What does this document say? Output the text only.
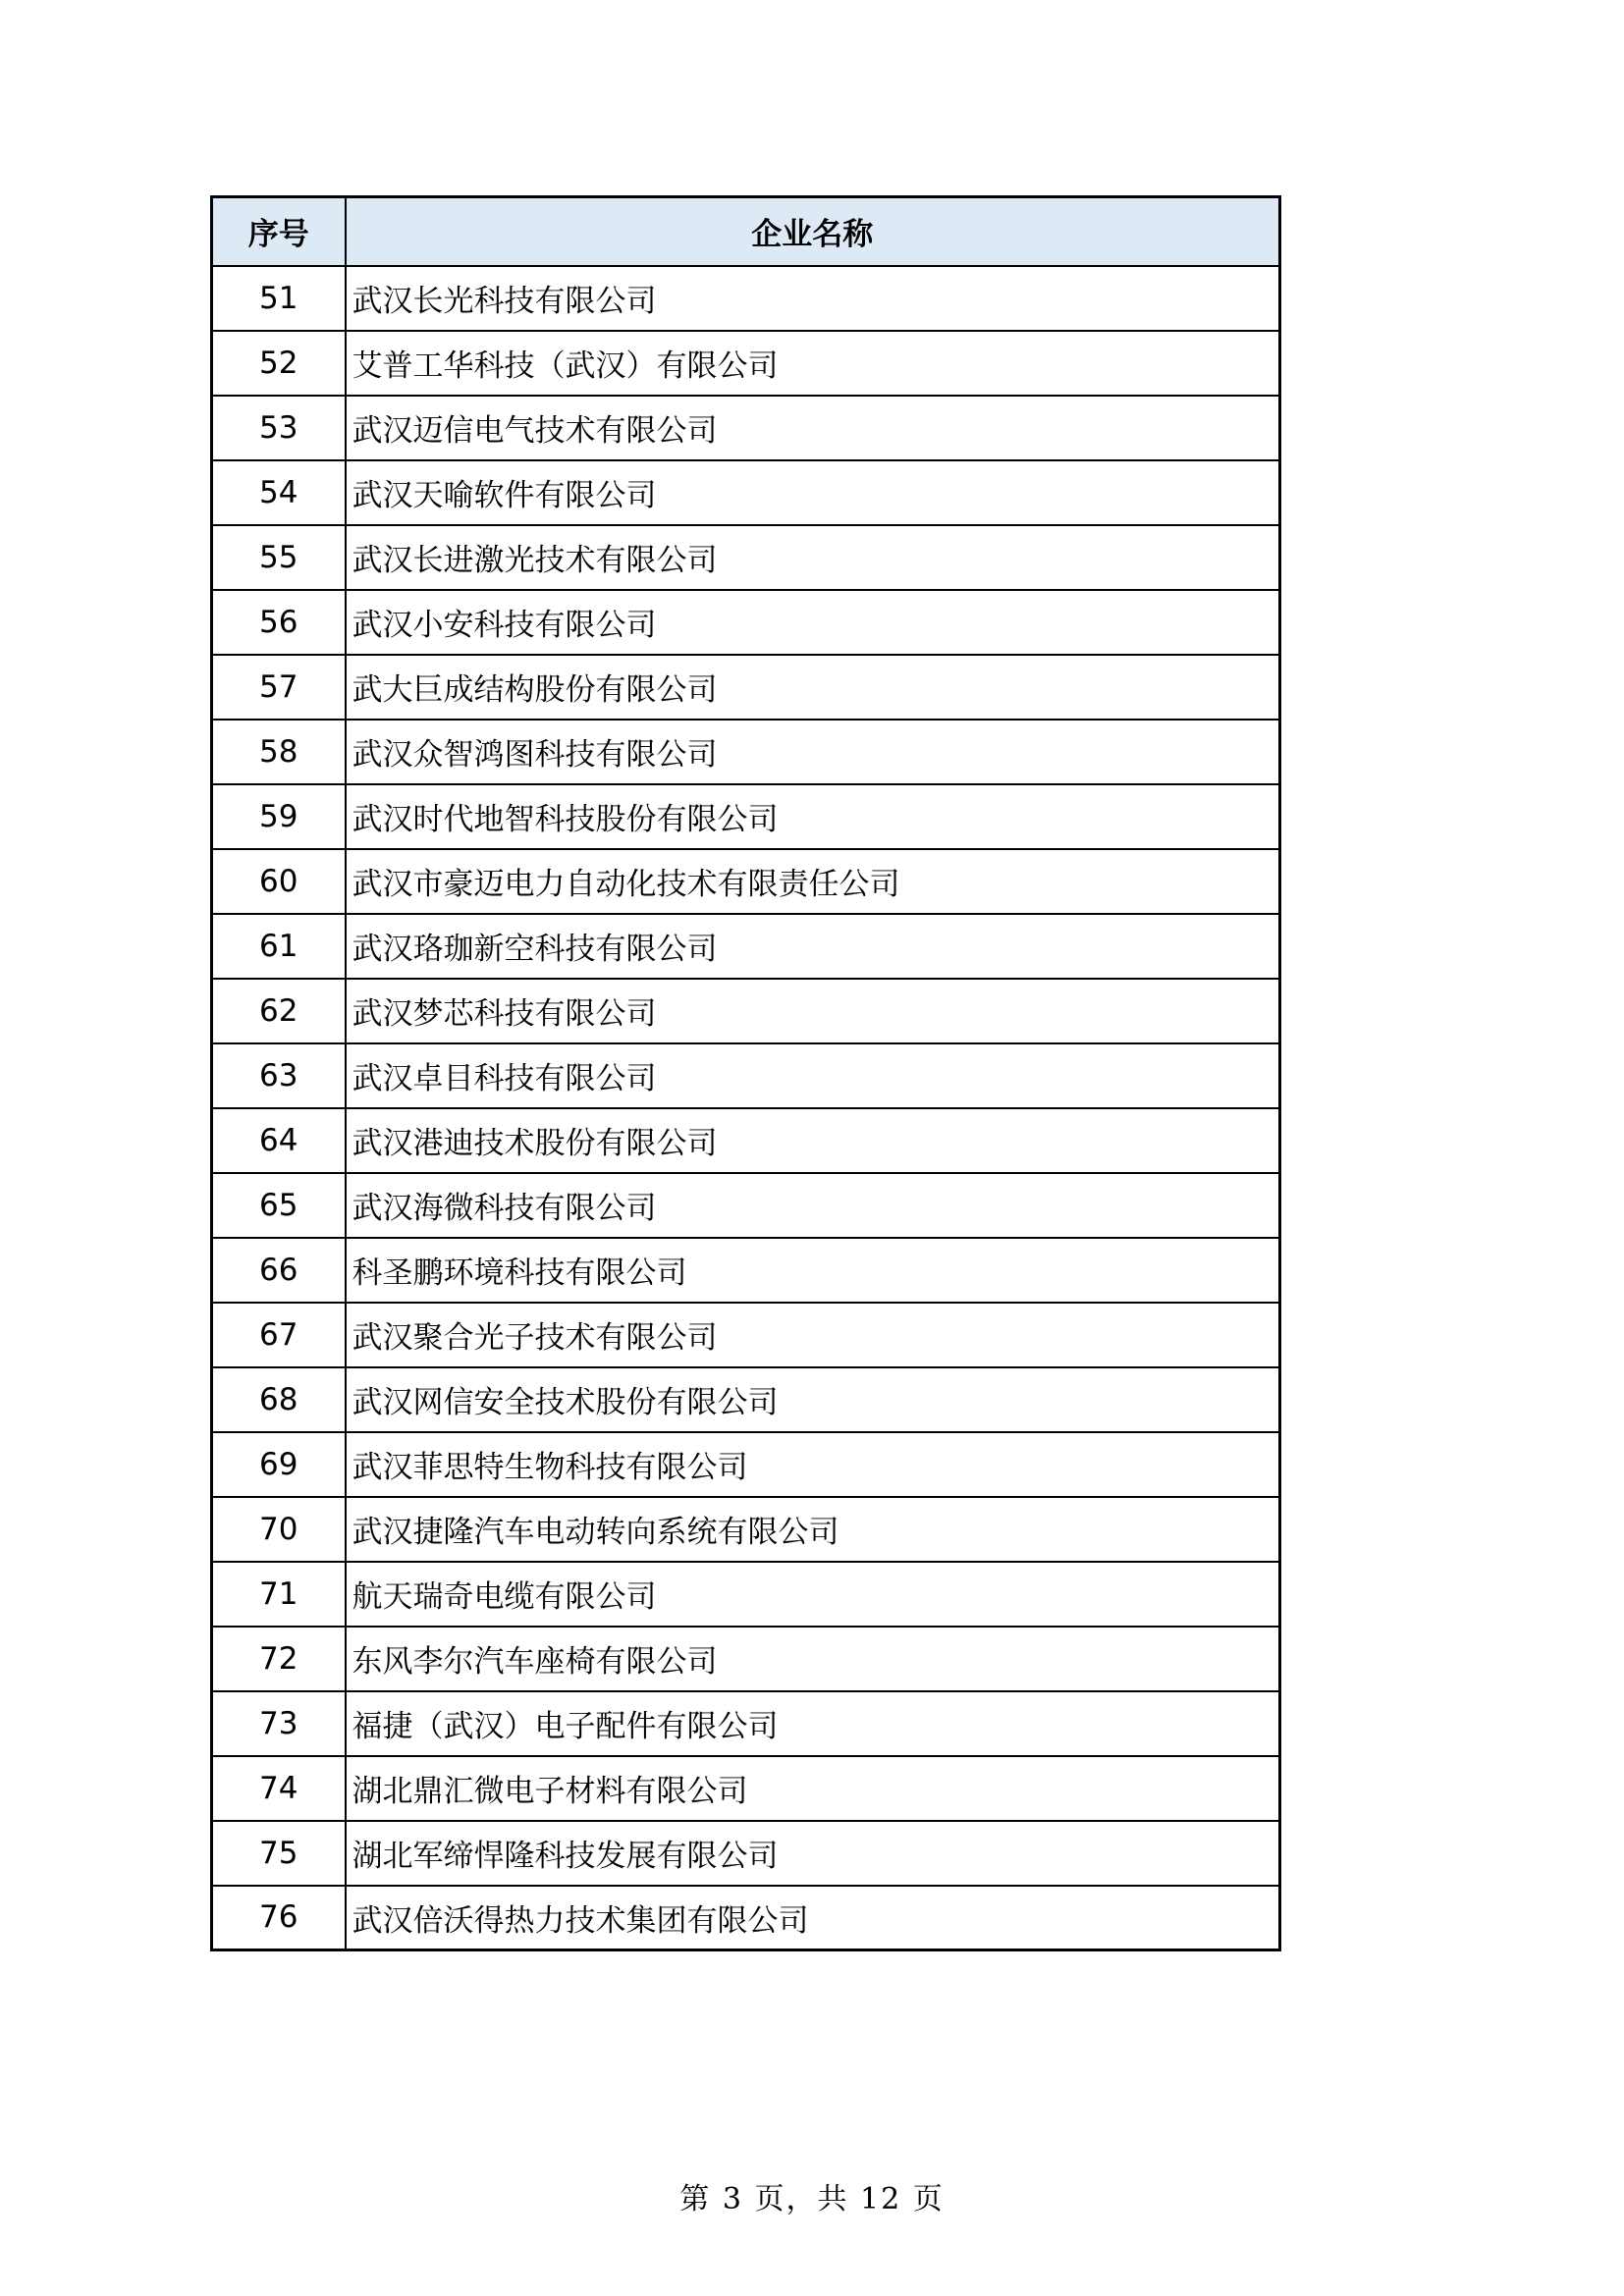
序号	企业名称
51	武汉长光科技有限公司
52	艾普工华科技（武汉）有限公司
53	武汉迈信电气技术有限公司
54	武汉天喻软件有限公司
55	武汉长进激光技术有限公司
56	武汉小安科技有限公司
57	武大巨成结构股份有限公司
58	武汉众智鸿图科技有限公司
59	武汉时代地智科技股份有限公司
60	武汉市豪迈电力自动化技术有限责任公司
61	武汉珞珈新空科技有限公司
62	武汉梦芯科技有限公司
63	武汉卓目科技有限公司
64	武汉港迪技术股份有限公司
65	武汉海微科技有限公司
66	科圣鹏环境科技有限公司
67	武汉聚合光子技术有限公司
68	武汉网信安全技术股份有限公司
69	武汉菲思特生物科技有限公司
70	武汉捷隆汽车电动转向系统有限公司
71	航天瑞奇电缆有限公司
72	东风李尔汽车座椅有限公司
73	福捷（武汉）电子配件有限公司
74	湖北鼎汇微电子材料有限公司
75	湖北军缔悍隆科技发展有限公司
76	武汉倍沃得热力技术集团有限公司
第 3 页，共 12 页
